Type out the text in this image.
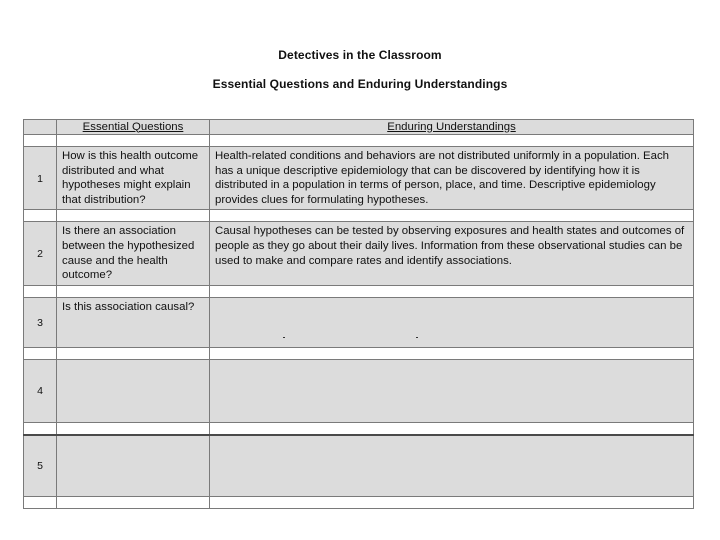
Detectives in the Classroom
Essential Questions and Enduring Understandings
	Essential Questions	Enduring Understandings

1	How is this health outcome distributed and what hypotheses might explain that distribution?	Health-related conditions and behaviors are not distributed uniformly in a population. Each has a unique descriptive epidemiology that can be discovered by identifying how it is distributed in a population in terms of person, place, and time. Descriptive epidemiology provides clues for formulating hypotheses.

2	Is there an association between the hypothesized cause and the health outcome?	Causal hypotheses can be tested by observing exposures and health states and outcomes of people as they go about their daily lives. Information from these observational studies can be used to make and compare rates and identify associations.

3	Is this association causal?	

4		

5		
